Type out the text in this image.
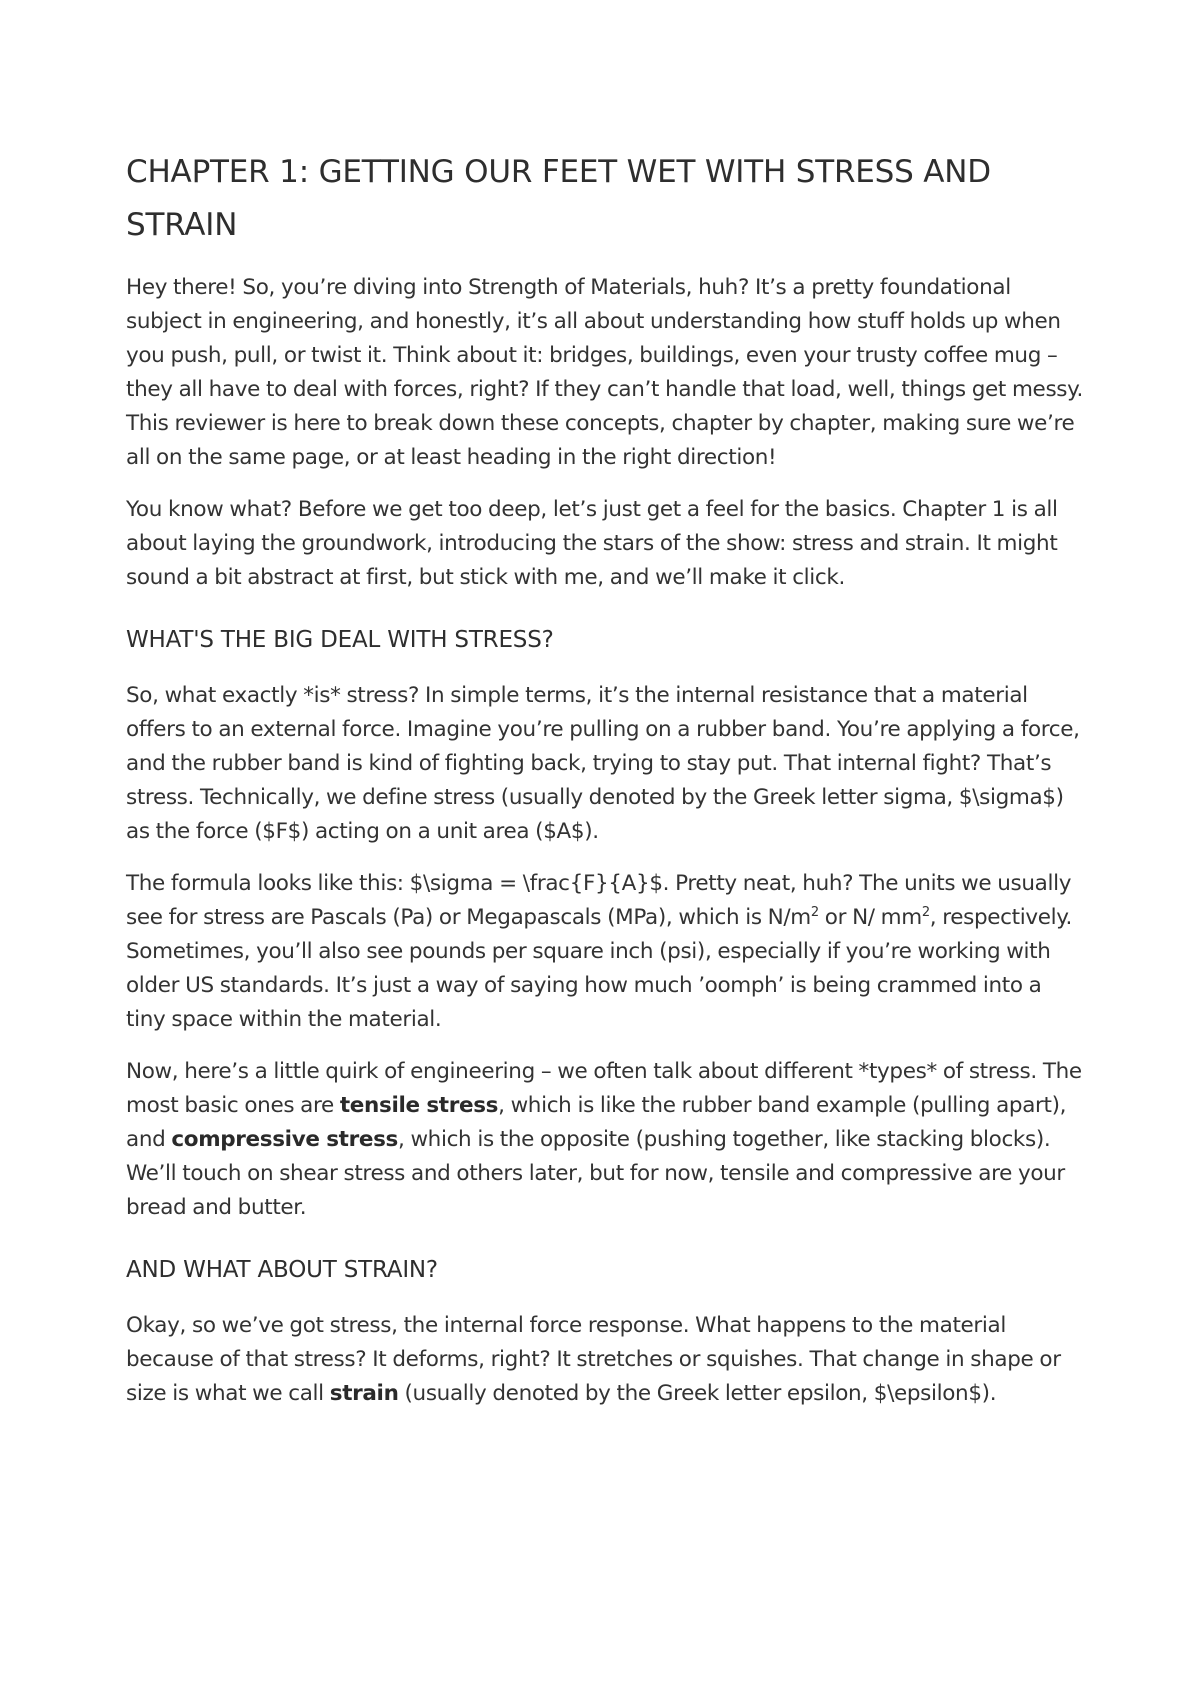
CHAPTER 1: GETTING OUR FEET WET WITH STRESS AND STRAIN

Hey there! So, you’re diving into Strength of Materials, huh? It’s a pretty foundational subject in engineering, and honestly, it’s all about understanding how stuff holds up when you push, pull, or twist it. Think about it: bridges, buildings, even your trusty coffee mug – they all have to deal with forces, right? If they can’t handle that load, well, things get messy. This reviewer is here to break down these concepts, chapter by chapter, making sure we’re all on the same page, or at least heading in the right direction!

You know what? Before we get too deep, let’s just get a feel for the basics. Chapter 1 is all about laying the groundwork, introducing the stars of the show: stress and strain. It might sound a bit abstract at first, but stick with me, and we’ll make it click.

WHAT'S THE BIG DEAL WITH STRESS?

So, what exactly *is* stress? In simple terms, it’s the internal resistance that a material offers to an external force. Imagine you’re pulling on a rubber band. You’re applying a force, and the rubber band is kind of fighting back, trying to stay put. That internal fight? That’s stress. Technically, we define stress (usually denoted by the Greek letter sigma, $\sigma$) as the force ($F$) acting on a unit area ($A$).

The formula looks like this: $\sigma = \frac{F}{A}$. Pretty neat, huh? The units we usually see for stress are Pascals (Pa) or Megapascals (MPa), which is $N/m^2$ or N/ $mm^2$, respectively. Sometimes, you’ll also see pounds per square inch (psi), especially if you’re working with older US standards. It’s just a way of saying how much ’oomph’ is being crammed into a tiny space within the material.

Now, here’s a little quirk of engineering – we often talk about different *types* of stress. The most basic ones are tensile stress, which is like the rubber band example (pulling apart), and compressive stress, which is the opposite (pushing together, like stacking blocks). We’ll touch on shear stress and others later, but for now, tensile and compressive are your bread and butter.

AND WHAT ABOUT STRAIN?

Okay, so we’ve got stress, the internal force response. What happens to the material because of that stress? It deforms, right? It stretches or squishes. That change in shape or size is what we call strain (usually denoted by the Greek letter epsilon, $\epsilon$).
